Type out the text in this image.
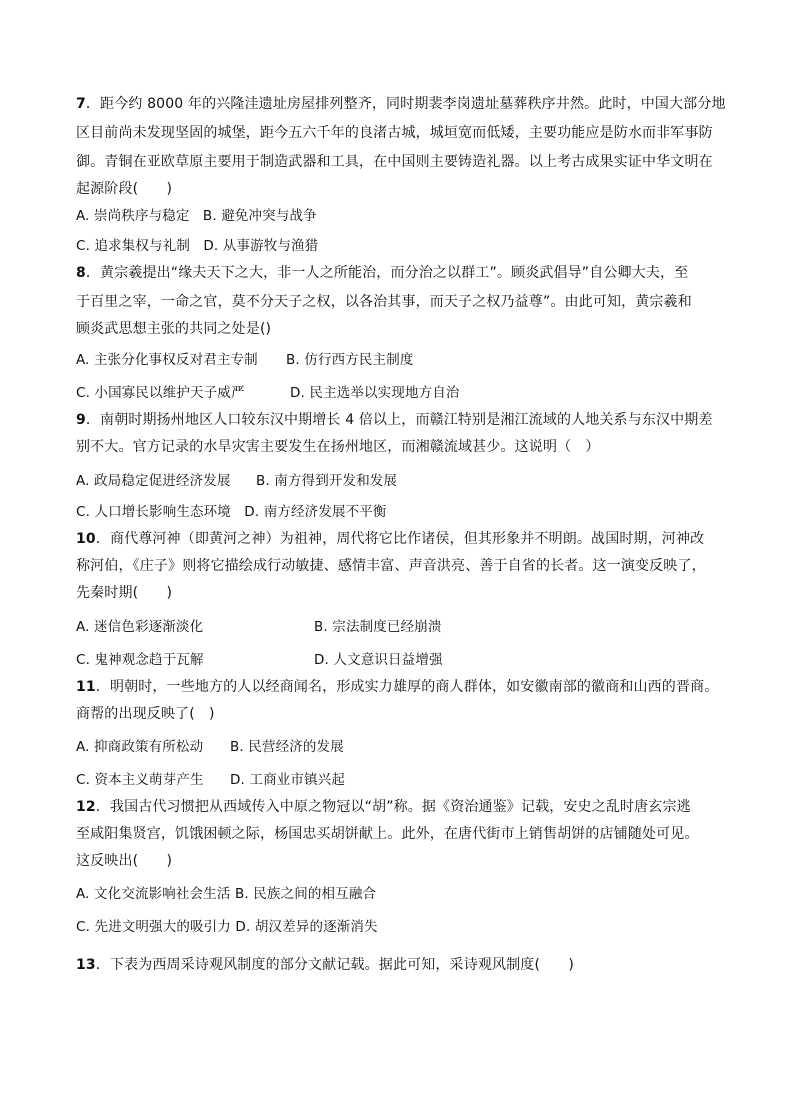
7．距今约 8000 年的兴隆洼遗址房屋排列整齐，同时期裴李岗遗址墓葬秩序井然。此时，中国大部分地
区目前尚未发现坚固的城堡，距今五六千年的良渚古城，城垣宽而低矮，主要功能应是防水而非军事防
御。青铜在亚欧草原主要用于制造武器和工具，在中国则主要铸造礼器。以上考古成果实证中华文明在
起源阶段(　　)
A. 崇尚秩序与稳定 B. 避免冲突与战争
C. 追求集权与礼制 D. 从事游牧与渔猎
8．黄宗羲提出“缘夫天下之大，非一人之所能治，而分治之以群工”。顾炎武倡导”自公卿大夫，至
于百里之宰，一命之官，莫不分天子之权，以各治其事，而天子之权乃益尊”。由此可知，黄宗羲和
顾炎武思想主张的共同之处是()
A. 主张分化事权反对君主专制 B. 仿行西方民主制度
C. 小国寡民以维护天子威严	D. 民主选举以实现地方自治
9．南朝时期扬州地区人口较东汉中期增长 4 倍以上，而赣江特别是湘江流域的人地关系与东汉中期差
别不大。官方记录的水旱灾害主要发生在扬州地区，而湘赣流域甚少。这说明（　）
A. 政局稳定促进经济发展 B. 南方得到开发和发展
C. 人口增长影响生态环境 D. 南方经济发展不平衡
10．商代尊河神（即黄河之神）为祖神，周代将它比作诸侯，但其形象并不明朗。战国时期，河神改
称河伯，《庄子》则将它描绘成行动敏捷、感情丰富、声音洪亮、善于自省的长者。这一演变反映了，
先秦时期(　　)
A. 迷信色彩逐渐淡化	B. 宗法制度已经崩溃
C. 鬼神观念趋于瓦解	D. 人文意识日益增强
11．明朝时，一些地方的人以经商闻名，形成实力雄厚的商人群体，如安徽南部的徽商和山西的晋商。
商帮的出现反映了(　)
A. 抑商政策有所松动 B. 民营经济的发展
C. 资本主义萌芽产生 D. 工商业市镇兴起
12．我国古代习惯把从西域传入中原之物冠以“胡”称。据《资治通鉴》记载，安史之乱时唐玄宗逃
至咸阳集贤宫，饥饿困顿之际，杨国忠买胡饼献上。此外，在唐代街市上销售胡饼的店铺随处可见。
这反映出(　　)
A. 文化交流影响社会生活 B. 民族之间的相互融合
C. 先进文明强大的吸引力 D. 胡汉差异的逐渐消失
13．下表为西周采诗观风制度的部分文献记载。据此可知，采诗观风制度(　　)
